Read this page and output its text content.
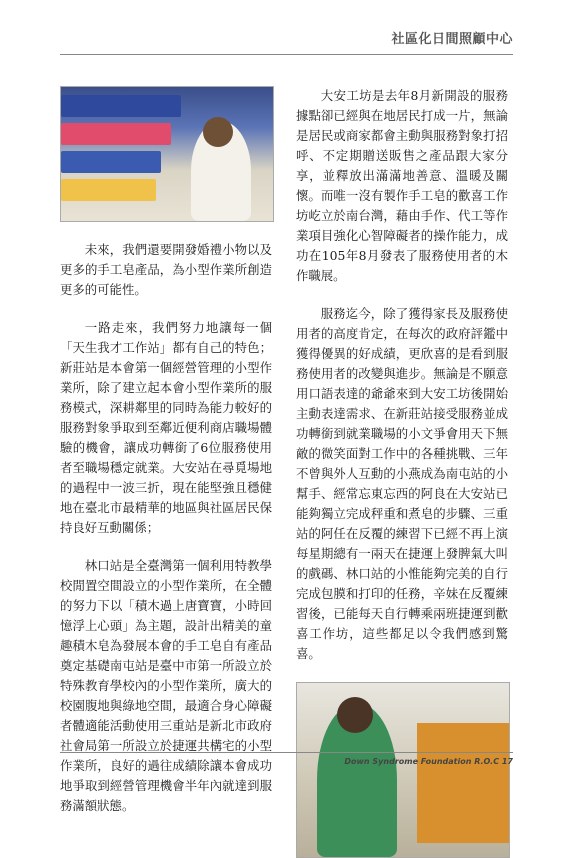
社區化日間照顧中心

未來，我們還要開發婚禮小物以及更多的手工皂產品，為小型作業所創造更多的可能性。

一路走來，我們努力地讓每一個「天生我才工作站」都有自己的特色；新莊站是本會第一個經營管理的小型作業所，除了建立起本會小型作業所的服務模式，深耕鄰里的同時為能力較好的服務對象爭取到至鄰近便利商店職場體驗的機會，讓成功轉銜了6位服務使用者至職場穩定就業。大安站在尋覓場地的過程中一波三折，現在能堅強且穩健地在臺北市最精華的地區與社區居民保持良好互動關係；

林口站是全臺灣第一個利用特教學校閒置空間設立的小型作業所，在全體的努力下以「積木過上唐寶寶，小時回憶浮上心頭」為主題，設計出精美的童趣積木皂為發展本會的手工皂自有產品奠定基礎南屯站是臺中市第一所設立於特殊教育學校內的小型作業所，廣大的校園腹地與綠地空間，最適合身心障礙者體適能活動使用三重站是新北市政府社會局第一所設立於捷運共構宅的小型作業所，良好的過往成績除讓本會成功地爭取到經營管理機會半年內就達到服務滿額狀態。

大安工坊是去年8月新開設的服務據點卻已經與在地居民打成一片，無論是居民或商家都會主動與服務對象打招呼、不定期贈送販售之產品跟大家分享，並釋放出滿滿地善意、溫暖及關懷。而唯一沒有製作手工皂的歡喜工作坊屹立於南台灣，藉由手作、代工等作業項目強化心智障礙者的操作能力，成功在105年8月發表了服務使用者的木作職展。

服務迄今，除了獲得家長及服務使用者的高度肯定，在每次的政府評鑑中獲得優異的好成績，更欣喜的是看到服務使用者的改變與進步。無論是不願意用口語表達的爺爺來到大安工坊後開始主動表達需求、在新莊站接受服務並成功轉銜到就業職場的小文爭會用天下無敵的微笑面對工作中的各種挑戰、三年不曾與外人互動的小燕成為南屯站的小幫手、經常忘東忘西的阿良在大安站已能夠獨立完成秤重和煮皂的步驟、三重站的阿任在反覆的練習下已經不再上演每星期總有一兩天在捷運上發脾氣大叫的戲碼、林口站的小惟能夠完美的自行完成包膜和打印的任務，辛妹在反覆練習後，已能每天自行轉乘兩班捷運到歡喜工作坊，這些都足以令我們感到驚喜。

Down Syndrome Foundation R.O.C 17
